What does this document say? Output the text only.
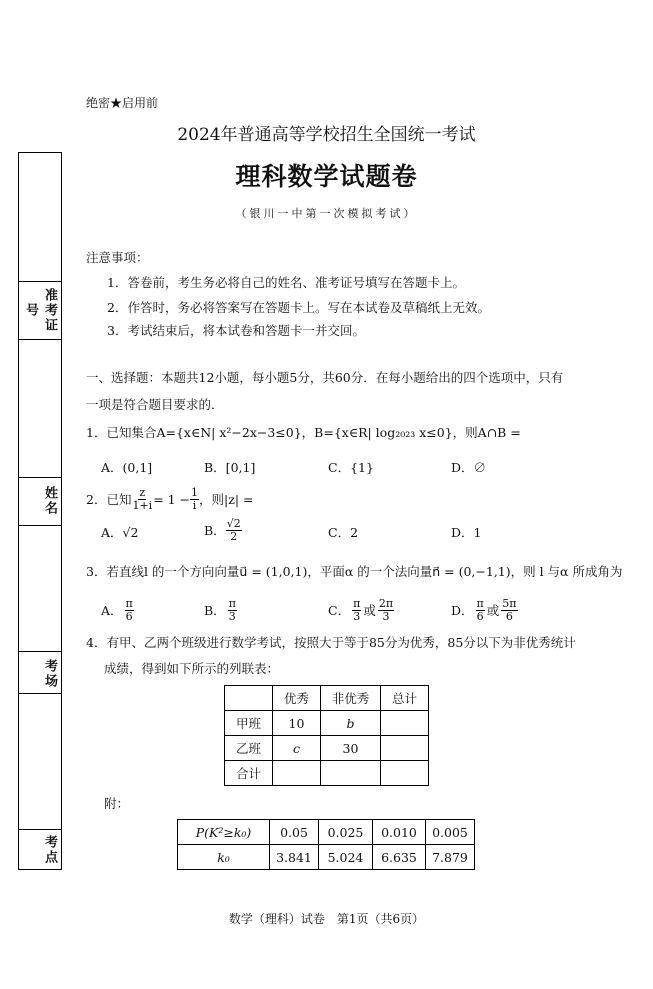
绝密★启用前
2024年普通高等学校招生全国统一考试
理科数学试题卷
（银川一中第一次模拟考试）
准考证号
姓名
考场
考点
注意事项：
1．答卷前，考生务必将自己的姓名、准考证号填写在答题卡上。
2．作答时，务必将答案写在答题卡上。写在本试卷及草稿纸上无效。
3．考试结束后，将本试卷和答题卡一并交回。
一、选择题：本题共12小题，每小题5分，共60分．在每小题给出的四个选项中，只有
一项是符合题目要求的．
1．已知集合A={x∈N| x²−2x−3≤0}，B={x∈R| log₂₀₂₃ x≤0}，则A∩B =
A．(0,1]	B．[0,1]	C．{1}	D．∅
2．已知 $\frac{z}{1+i} = 1 - \frac{1}{i}$ ，则|z| =
A．√2	B． $\frac{√2}{2}$	C．2	D．1
3．若直线l 的一个方向向量u⃗ = (1,0,1)，平面α 的一个法向量n⃗ = (0,−1,1)，则 l 与α 所成角为
A． $\frac{\pi}{6}$	B． $\frac{\pi}{3}$	C． $\frac{\pi}{3}$ 或 $\frac{2\pi}{3}$	D． $\frac{\pi}{6}$ 或 $\frac{5\pi}{6}$
4．有甲、乙两个班级进行数学考试，按照大于等于85分为优秀，85分以下为非优秀统计
成绩，得到如下所示的列联表：
	优秀	非优秀	总计
甲班	10	b	
乙班	c	30	
合计			
附：
P(K²≥k₀)	0.05	0.025	0.010	0.005
k₀	3.841	5.024	6.635	7.879
数学（理科）试卷　第1页（共6页）
